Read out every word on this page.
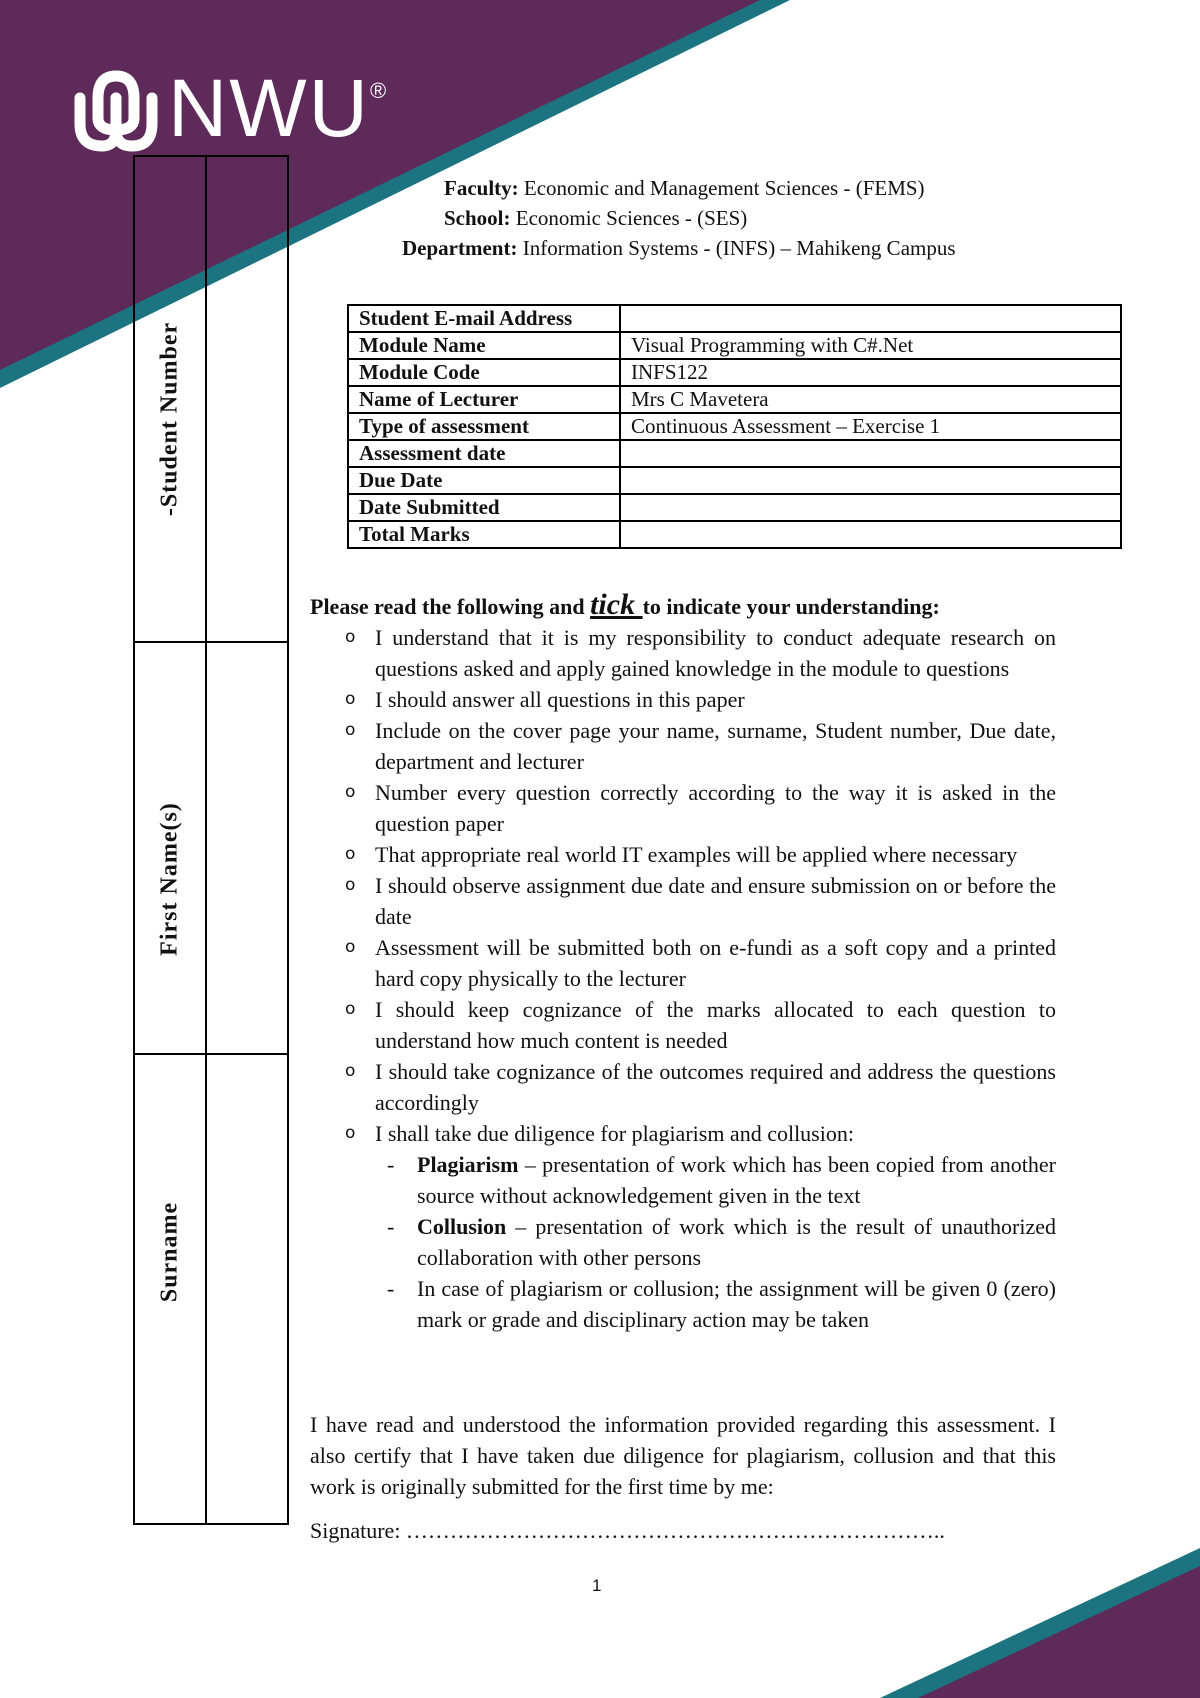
NWU ®
-Student Number
First Name(s)
Surname
Faculty: Economic and Management Sciences - (FEMS)
School: Economic Sciences - (SES)
Department: Information Systems - (INFS) – Mahikeng Campus
Student E-mail Address	
Module Name	Visual Programming with C#.Net
Module Code	INFS122
Name of Lecturer	Mrs C Mavetera
Type of assessment	Continuous Assessment – Exercise 1
Assessment date	
Due Date	
Date Submitted	
Total Marks	
Please read the following and tick to indicate your understanding:
o I understand that it is my responsibility to conduct adequate research on questions asked and apply gained knowledge in the module to questions
o I should answer all questions in this paper
o Include on the cover page your name, surname, Student number, Due date, department and lecturer
o Number every question correctly according to the way it is asked in the question paper
o That appropriate real world IT examples will be applied where necessary
o I should observe assignment due date and ensure submission on or before the date
o Assessment will be submitted both on e-fundi as a soft copy and a printed hard copy physically to the lecturer
o I should keep cognizance of the marks allocated to each question to understand how much content is needed
o I should take cognizance of the outcomes required and address the questions accordingly
o I shall take due diligence for plagiarism and collusion:
- Plagiarism – presentation of work which has been copied from another source without acknowledgement given in the text
- Collusion – presentation of work which is the result of unauthorized collaboration with other persons
- In case of plagiarism or collusion; the assignment will be given 0 (zero) mark or grade and disciplinary action may be taken
I have read and understood the information provided regarding this assessment. I also certify that I have taken due diligence for plagiarism, collusion and that this work is originally submitted for the first time by me:
Signature: ………………………………………………………………..
1
